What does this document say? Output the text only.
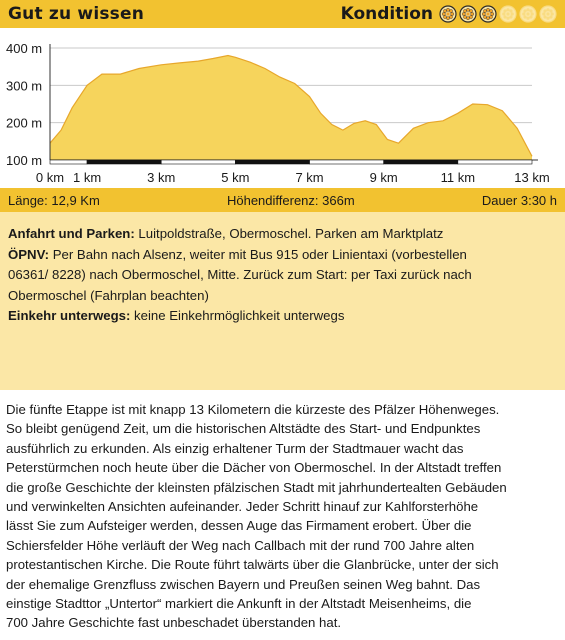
Gut zu wissen	Kondition
400 m
300 m
200 m
100 m
0 km 1 km	3 km	5 km	7 km	9 km	11 km	13 km
Länge: 12,9 Km	Höhendifferenz: 366m	Dauer 3:30 h

Anfahrt und Parken: Luitpoldstraße, Obermoschel. Parken am Marktplatz

ÖPNV: Per Bahn nach Alsenz, weiter mit Bus 915 oder Linientaxi (vorbestellen

06361/ 8228) nach Obermoschel, Mitte. Zurück zum Start: per Taxi zurück nach

Obermoschel (Fahrplan beachten)

Einkehr unterwegs: keine Einkehrmöglichkeit unterwegs

Die fünfte Etappe ist mit knapp 13 Kilometern die kürzeste des Pfälzer Höhenweges.
So bleibt genügend Zeit, um die historischen Altstädte des Start- und Endpunktes
ausführlich zu erkunden. Als einzig erhaltener Turm der Stadtmauer wacht das
Peterstürmchen noch heute über die Dächer von Obermoschel. In der Altstadt treffen
die große Geschichte der kleinsten pfälzischen Stadt mit jahrhundertealten Gebäuden
und verwinkelten Ansichten aufeinander. Jeder Schritt hinauf zur Kahlforsterhöhe
lässt Sie zum Aufsteiger werden, dessen Auge das Firmament erobert. Über die
Schiersfelder Höhe verläuft der Weg nach Callbach mit der rund 700 Jahre alten
protestantischen Kirche. Die Route führt talwärts über die Glanbrücke, unter der sich
der ehemalige Grenzfluss zwischen Bayern und Preußen seinen Weg bahnt. Das
einstige Stadttor „Untertor“ markiert die Ankunft in der Altstadt Meisenheims, die
700 Jahre Geschichte fast unbeschadet überstanden hat.
